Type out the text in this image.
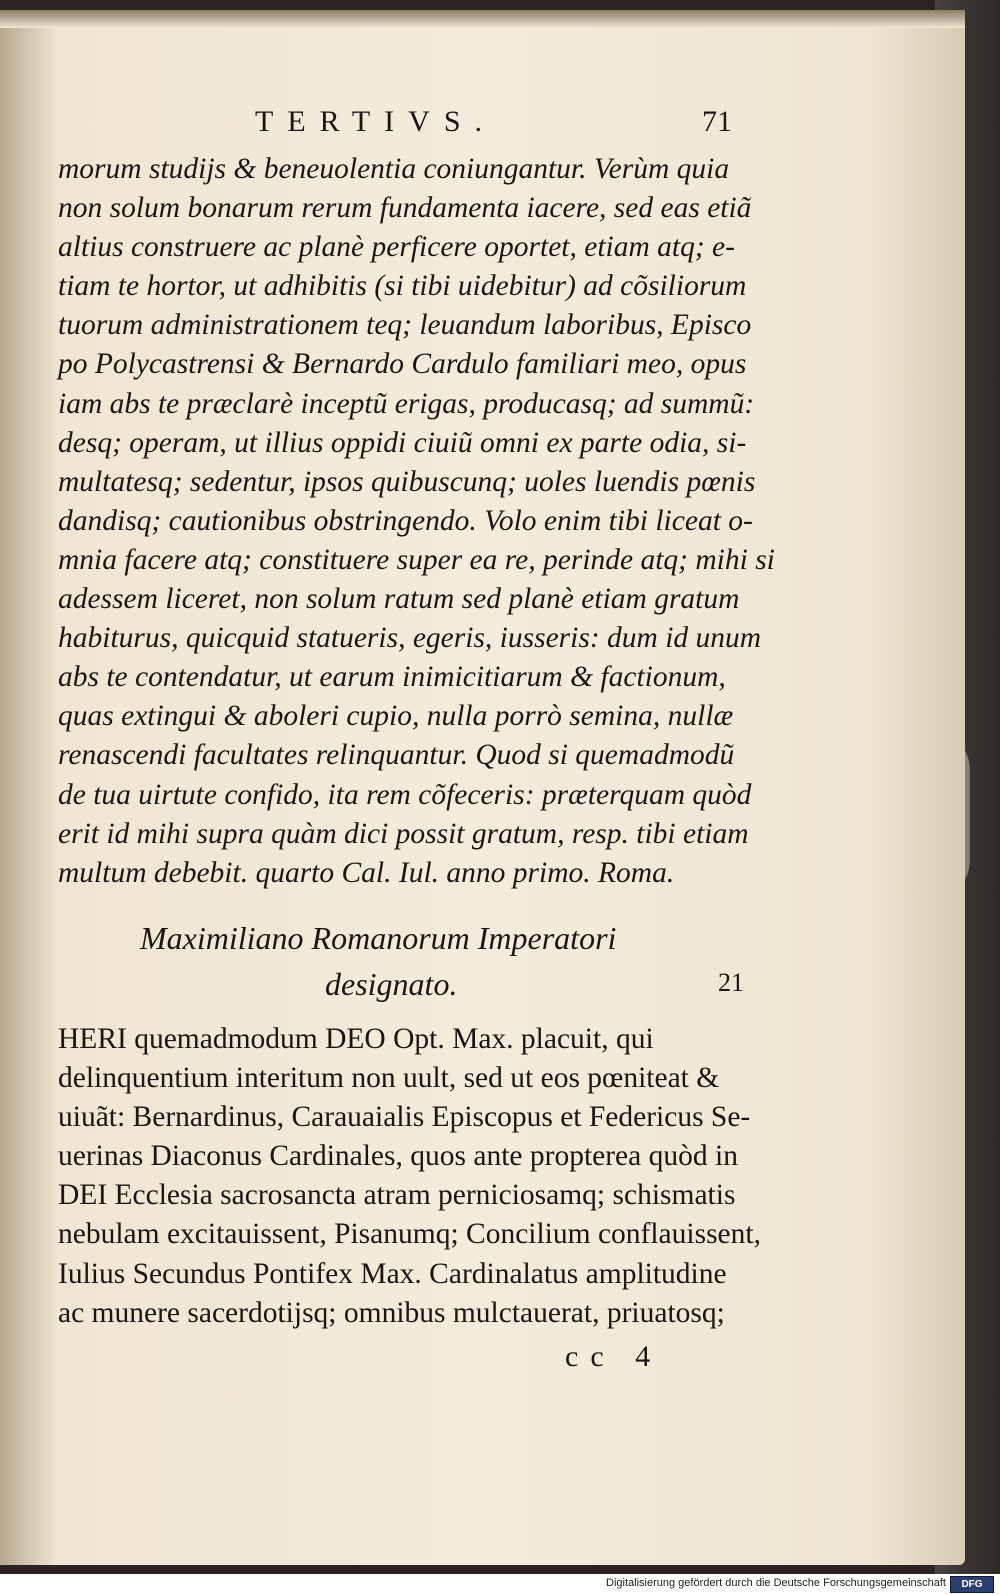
TERTIVS.	71
morum studijs & beneuolentia coniungantur. Verùm quia
non solum bonarum rerum fundamenta iacere, sed eas etiã
altius construere ac planè perficere oportet, etiam atq; e-
tiam te hortor, ut adhibitis (si tibi uidebitur) ad cõsiliorum
tuorum administrationem teq; leuandum laboribus, Episco
po Polycastrensi & Bernardo Cardulo familiari meo, opus
iam abs te præclarè inceptũ erigas, producasq; ad summũ:
desq; operam, ut illius oppidi ciuiũ omni ex parte odia, si-
multatesq; sedentur, ipsos quibuscunq; uoles luendis pœnis
dandisq; cautionibus obstringendo. Volo enim tibi liceat o-
mnia facere atq; constituere super ea re, perinde atq; mihi si
adessem liceret, non solum ratum sed planè etiam gratum
habiturus, quicquid statueris, egeris, iusseris: dum id unum
abs te contendatur, ut earum inimicitiarum & factionum,
quas extingui & aboleri cupio, nulla porrò semina, nullæ
renascendi facultates relinquantur. Quod si quemadmodũ
de tua uirtute confido, ita rem cõfeceris: præterquam quòd
erit id mihi supra quàm dici possit gratum, resp. tibi etiam
multum debebit. quarto Cal. Iul. anno primo. Roma.
Maximiliano Romanorum Imperatori
designato.	21
HERI quemadmodum DEO Opt. Max. placuit, qui
delinquentium interitum non uult, sed ut eos pœniteat &
uiuãt: Bernardinus, Carauaialis Episcopus et Federicus Se-
uerinas Diaconus Cardinales, quos ante propterea quòd in
DEI Ecclesia sacrosancta atram perniciosamq; schismatis
nebulam excitauissent, Pisanumq; Concilium conflauissent,
Iulius Secundus Pontifex Max. Cardinalatus amplitudine
ac munere sacerdotijsq; omnibus mulctauerat, priuatosq;
cc 4
Digitalisierung gefördert durch die Deutsche Forschungsgemeinschaft	DFG
